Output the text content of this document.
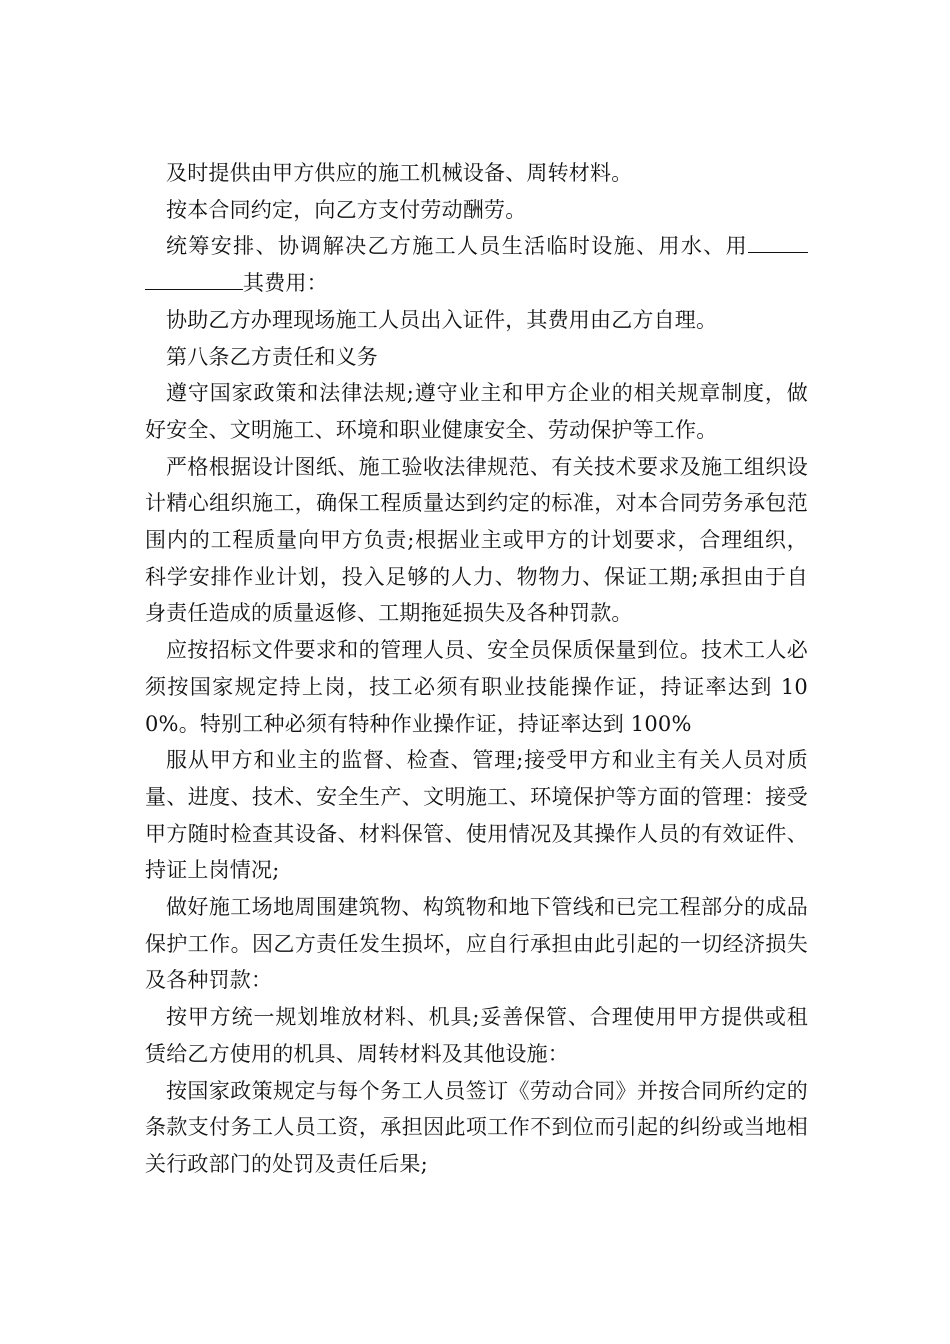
及时提供由甲方供应的施工机械设备、周转材料。

按本合同约定，向乙方支付劳动酬劳。

统筹安排、协调解决乙方施工人员生活临时设施、用水、用其费用：

协助乙方办理现场施工人员出入证件，其费用由乙方自理。

第八条乙方责任和义务

遵守国家政策和法律法规;遵守业主和甲方企业的相关规章制度，做好安全、文明施工、环境和职业健康安全、劳动保护等工作。

严格根据设计图纸、施工验收法律规范、有关技术要求及施工组织设计精心组织施工，确保工程质量达到约定的标准，对本合同劳务承包范围内的工程质量向甲方负责;根据业主或甲方的计划要求，合理组织，科学安排作业计划，投入足够的人力、物物力、保证工期;承担由于自身责任造成的质量返修、工期拖延损失及各种罚款。

应按招标文件要求和的管理人员、安全员保质保量到位。技术工人必须按国家规定持上岗，技工必须有职业技能操作证，持证率达到 100%。特别工种必须有特种作业操作证，持证率达到 100%

服从甲方和业主的监督、检查、管理;接受甲方和业主有关人员对质量、进度、技术、安全生产、文明施工、环境保护等方面的管理：接受甲方随时检查其设备、材料保管、使用情况及其操作人员的有效证件、持证上岗情况;

做好施工场地周围建筑物、构筑物和地下管线和已完工程部分的成品保护工作。因乙方责任发生损坏，应自行承担由此引起的一切经济损失及各种罚款：

按甲方统一规划堆放材料、机具;妥善保管、合理使用甲方提供或租赁给乙方使用的机具、周转材料及其他设施：

按国家政策规定与每个务工人员签订《劳动合同》并按合同所约定的条款支付务工人员工资，承担因此项工作不到位而引起的纠纷或当地相关行政部门的处罚及责任后果;
